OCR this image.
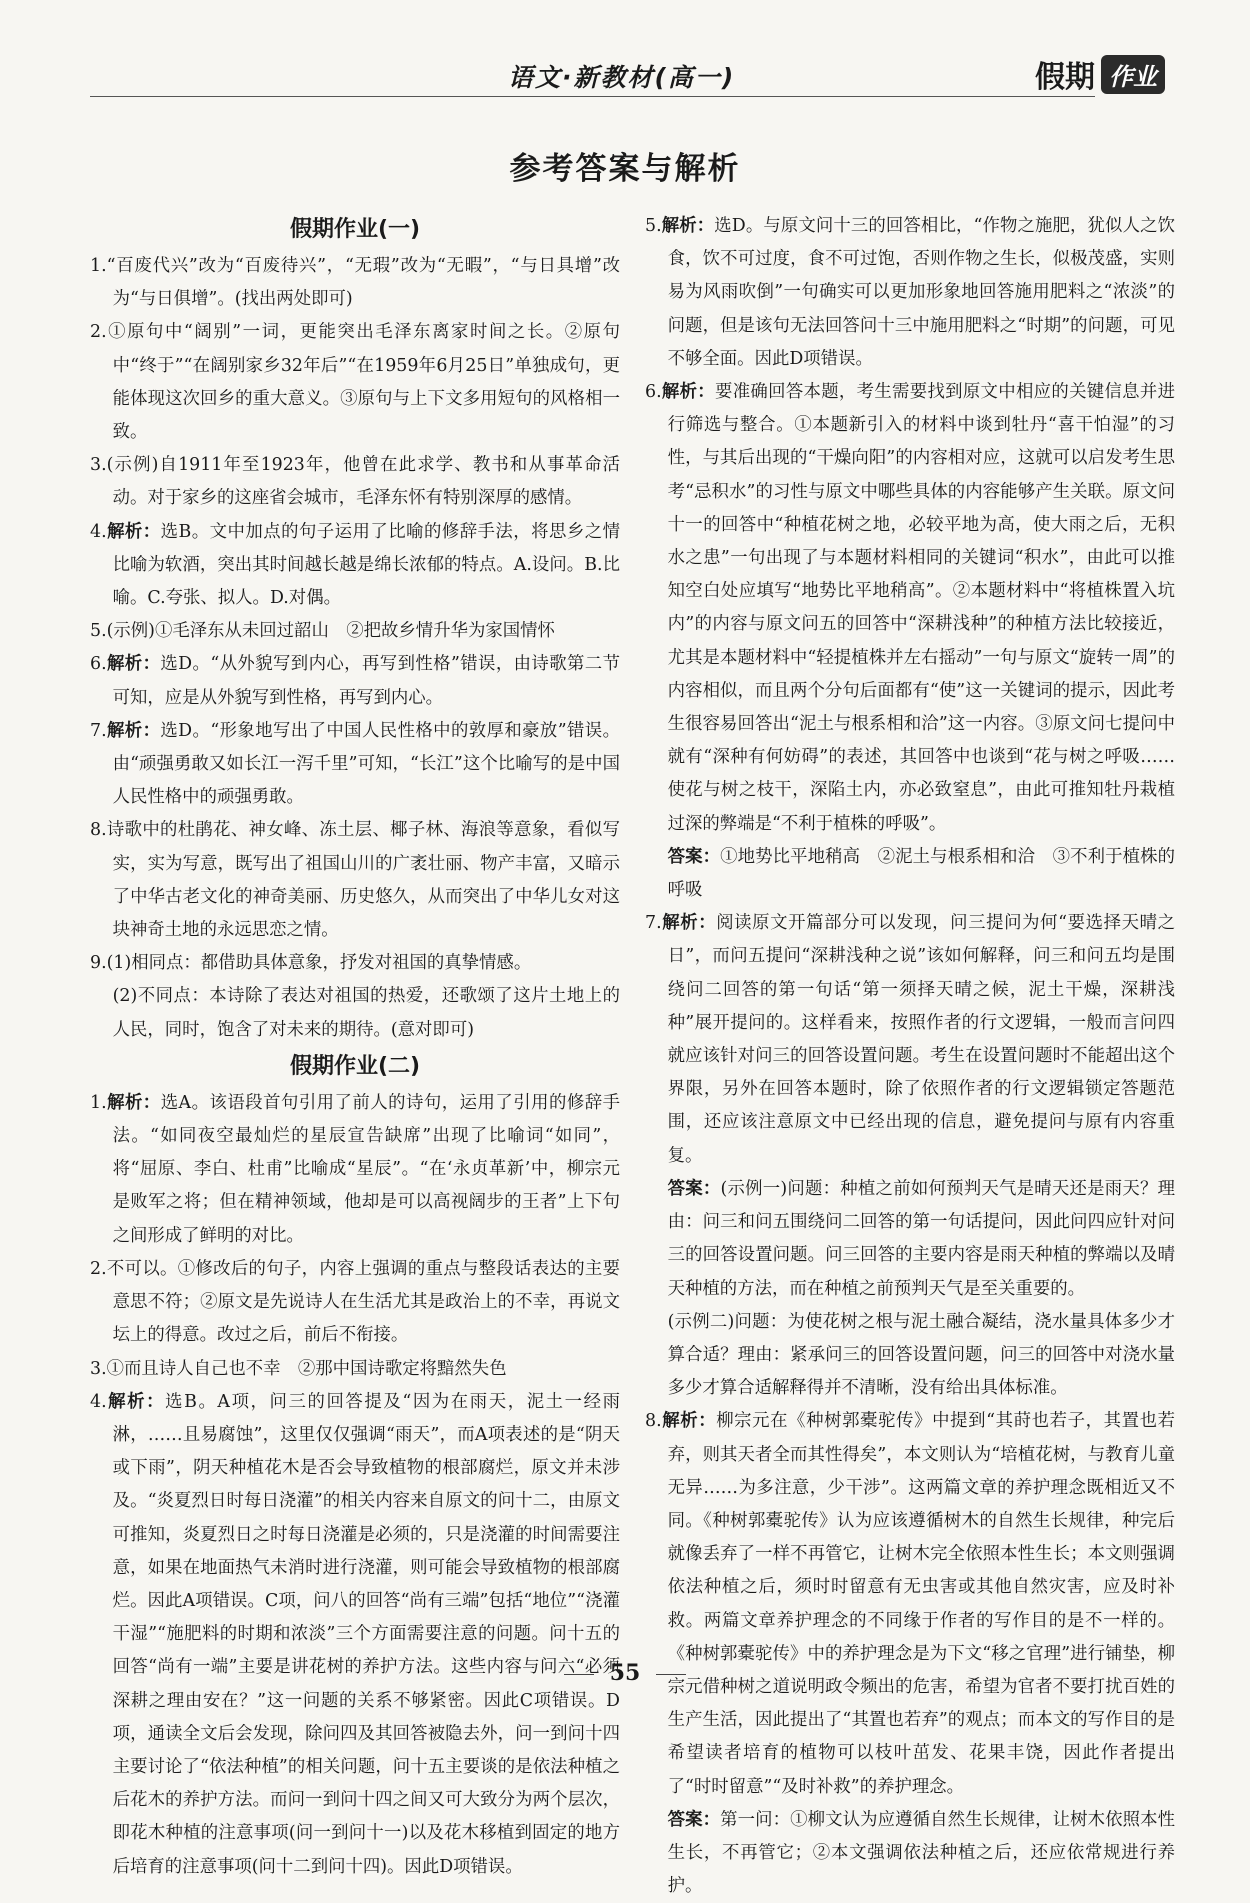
语文·新教材(高一)	假期 作业
参考答案与解析
假期作业(一)

1.“百废代兴”改为“百废待兴”，“无瑕”改为“无暇”，“与日具增”改为“与日俱增”。(找出两处即可)

2.①原句中“阔别”一词，更能突出毛泽东离家时间之长。②原句中“终于”“在阔别家乡32年后”“在1959年6月25日”单独成句，更能体现这次回乡的重大意义。③原句与上下文多用短句的风格相一致。

3.(示例)自1911年至1923年，他曾在此求学、教书和从事革命活动。对于家乡的这座省会城市，毛泽东怀有特别深厚的感情。

4.解析：选B。文中加点的句子运用了比喻的修辞手法，将思乡之情比喻为软酒，突出其时间越长越是绵长浓郁的特点。A.设问。B.比喻。C.夸张、拟人。D.对偶。

5.(示例)①毛泽东从未回过韶山　②把故乡情升华为家国情怀

6.解析：选D。“从外貌写到内心，再写到性格”错误，由诗歌第二节可知，应是从外貌写到性格，再写到内心。

7.解析：选D。“形象地写出了中国人民性格中的敦厚和豪放”错误。由“顽强勇敢又如长江一泻千里”可知，“长江”这个比喻写的是中国人民性格中的顽强勇敢。

8.诗歌中的杜鹃花、神女峰、冻土层、椰子林、海浪等意象，看似写实，实为写意，既写出了祖国山川的广袤壮丽、物产丰富，又暗示了中华古老文化的神奇美丽、历史悠久，从而突出了中华儿女对这块神奇土地的永远思恋之情。

9.(1)相同点：都借助具体意象，抒发对祖国的真挚情感。

(2)不同点：本诗除了表达对祖国的热爱，还歌颂了这片土地上的人民，同时，饱含了对未来的期待。(意对即可)

假期作业(二)

1.解析：选A。该语段首句引用了前人的诗句，运用了引用的修辞手法。“如同夜空最灿烂的星辰宣告缺席”出现了比喻词“如同”，将“屈原、李白、杜甫”比喻成“星辰”。“在‘永贞革新’中，柳宗元是败军之将；但在精神领域，他却是可以高视阔步的王者”上下句之间形成了鲜明的对比。

2.不可以。①修改后的句子，内容上强调的重点与整段话表达的主要意思不符；②原文是先说诗人在生活尤其是政治上的不幸，再说文坛上的得意。改过之后，前后不衔接。

3.①而且诗人自己也不幸　②那中国诗歌定将黯然失色

4.解析：选B。A项，问三的回答提及“因为在雨天，泥土一经雨淋，……且易腐蚀”，这里仅仅强调“雨天”，而A项表述的是“阴天或下雨”，阴天种植花木是否会导致植物的根部腐烂，原文并未涉及。“炎夏烈日时每日浇灌”的相关内容来自原文的问十二，由原文可推知，炎夏烈日之时每日浇灌是必须的，只是浇灌的时间需要注意，如果在地面热气未消时进行浇灌，则可能会导致植物的根部腐烂。因此A项错误。C项，问八的回答“尚有三端”包括“地位”“浇灌干湿”“施肥料的时期和浓淡”三个方面需要注意的问题。问十五的回答“尚有一端”主要是讲花树的养护方法。这些内容与问六“必须深耕之理由安在？”这一问题的关系不够紧密。因此C项错误。D项，通读全文后会发现，除问四及其回答被隐去外，问一到问十四主要讨论了“依法种植”的相关问题，问十五主要谈的是依法种植之后花木的养护方法。而问一到问十四之间又可大致分为两个层次，即花木种植的注意事项(问一到问十一)以及花木移植到固定的地方后培育的注意事项(问十二到问十四)。因此D项错误。

5.解析：选D。与原文问十三的回答相比，“作物之施肥，犹似人之饮食，饮不可过度，食不可过饱，否则作物之生长，似极茂盛，实则易为风雨吹倒”一句确实可以更加形象地回答施用肥料之“浓淡”的问题，但是该句无法回答问十三中施用肥料之“时期”的问题，可见不够全面。因此D项错误。

6.解析：要准确回答本题，考生需要找到原文中相应的关键信息并进行筛选与整合。①本题新引入的材料中谈到牡丹“喜干怕湿”的习性，与其后出现的“干燥向阳”的内容相对应，这就可以启发考生思考“忌积水”的习性与原文中哪些具体的内容能够产生关联。原文问十一的回答中“种植花树之地，必较平地为高，使大雨之后，无积水之患”一句出现了与本题材料相同的关键词“积水”，由此可以推知空白处应填写“地势比平地稍高”。②本题材料中“将植株置入坑内”的内容与原文问五的回答中“深耕浅种”的种植方法比较接近，尤其是本题材料中“轻提植株并左右摇动”一句与原文“旋转一周”的内容相似，而且两个分句后面都有“使”这一关键词的提示，因此考生很容易回答出“泥土与根系相和洽”这一内容。③原文问七提问中就有“深种有何妨碍”的表述，其回答中也谈到“花与树之呼吸……使花与树之枝干，深陷土内，亦必致窒息”，由此可推知牡丹栽植过深的弊端是“不利于植株的呼吸”。

答案：①地势比平地稍高　②泥土与根系相和洽　③不利于植株的呼吸

7.解析：阅读原文开篇部分可以发现，问三提问为何“要选择天晴之日”，而问五提问“深耕浅种之说”该如何解释，问三和问五均是围绕问二回答的第一句话“第一须择天晴之候，泥土干燥，深耕浅种”展开提问的。这样看来，按照作者的行文逻辑，一般而言问四就应该针对问三的回答设置问题。考生在设置问题时不能超出这个界限，另外在回答本题时，除了依照作者的行文逻辑锁定答题范围，还应该注意原文中已经出现的信息，避免提问与原有内容重复。

答案：(示例一)问题：种植之前如何预判天气是晴天还是雨天？理由：问三和问五围绕问二回答的第一句话提问，因此问四应针对问三的回答设置问题。问三回答的主要内容是雨天种植的弊端以及晴天种植的方法，而在种植之前预判天气是至关重要的。

(示例二)问题：为使花树之根与泥土融合凝结，浇水量具体多少才算合适？理由：紧承问三的回答设置问题，问三的回答中对浇水量多少才算合适解释得并不清晰，没有给出具体标准。

8.解析：柳宗元在《种树郭橐驼传》中提到“其莳也若子，其置也若弃，则其天者全而其性得矣”，本文则认为“培植花树，与教育儿童无异……为多注意，少干涉”。这两篇文章的养护理念既相近又不同。《种树郭橐驼传》认为应该遵循树木的自然生长规律，种完后就像丢弃了一样不再管它，让树木完全依照本性生长；本文则强调依法种植之后，须时时留意有无虫害或其他自然灾害，应及时补救。两篇文章养护理念的不同缘于作者的写作目的是不一样的。《种树郭橐驼传》中的养护理念是为下文“移之官理”进行铺垫，柳宗元借种树之道说明政令频出的危害，希望为官者不要打扰百姓的生产生活，因此提出了“其置也若弃”的观点；而本文的写作目的是希望读者培育的植物可以枝叶茁发、花果丰饶，因此作者提出了“时时留意”“及时补救”的养护理念。

答案：第一问：①柳文认为应遵循自然生长规律，让树木依照本性生长，不再管它；②本文强调依法种植之后，还应依常规进行养护。

55
